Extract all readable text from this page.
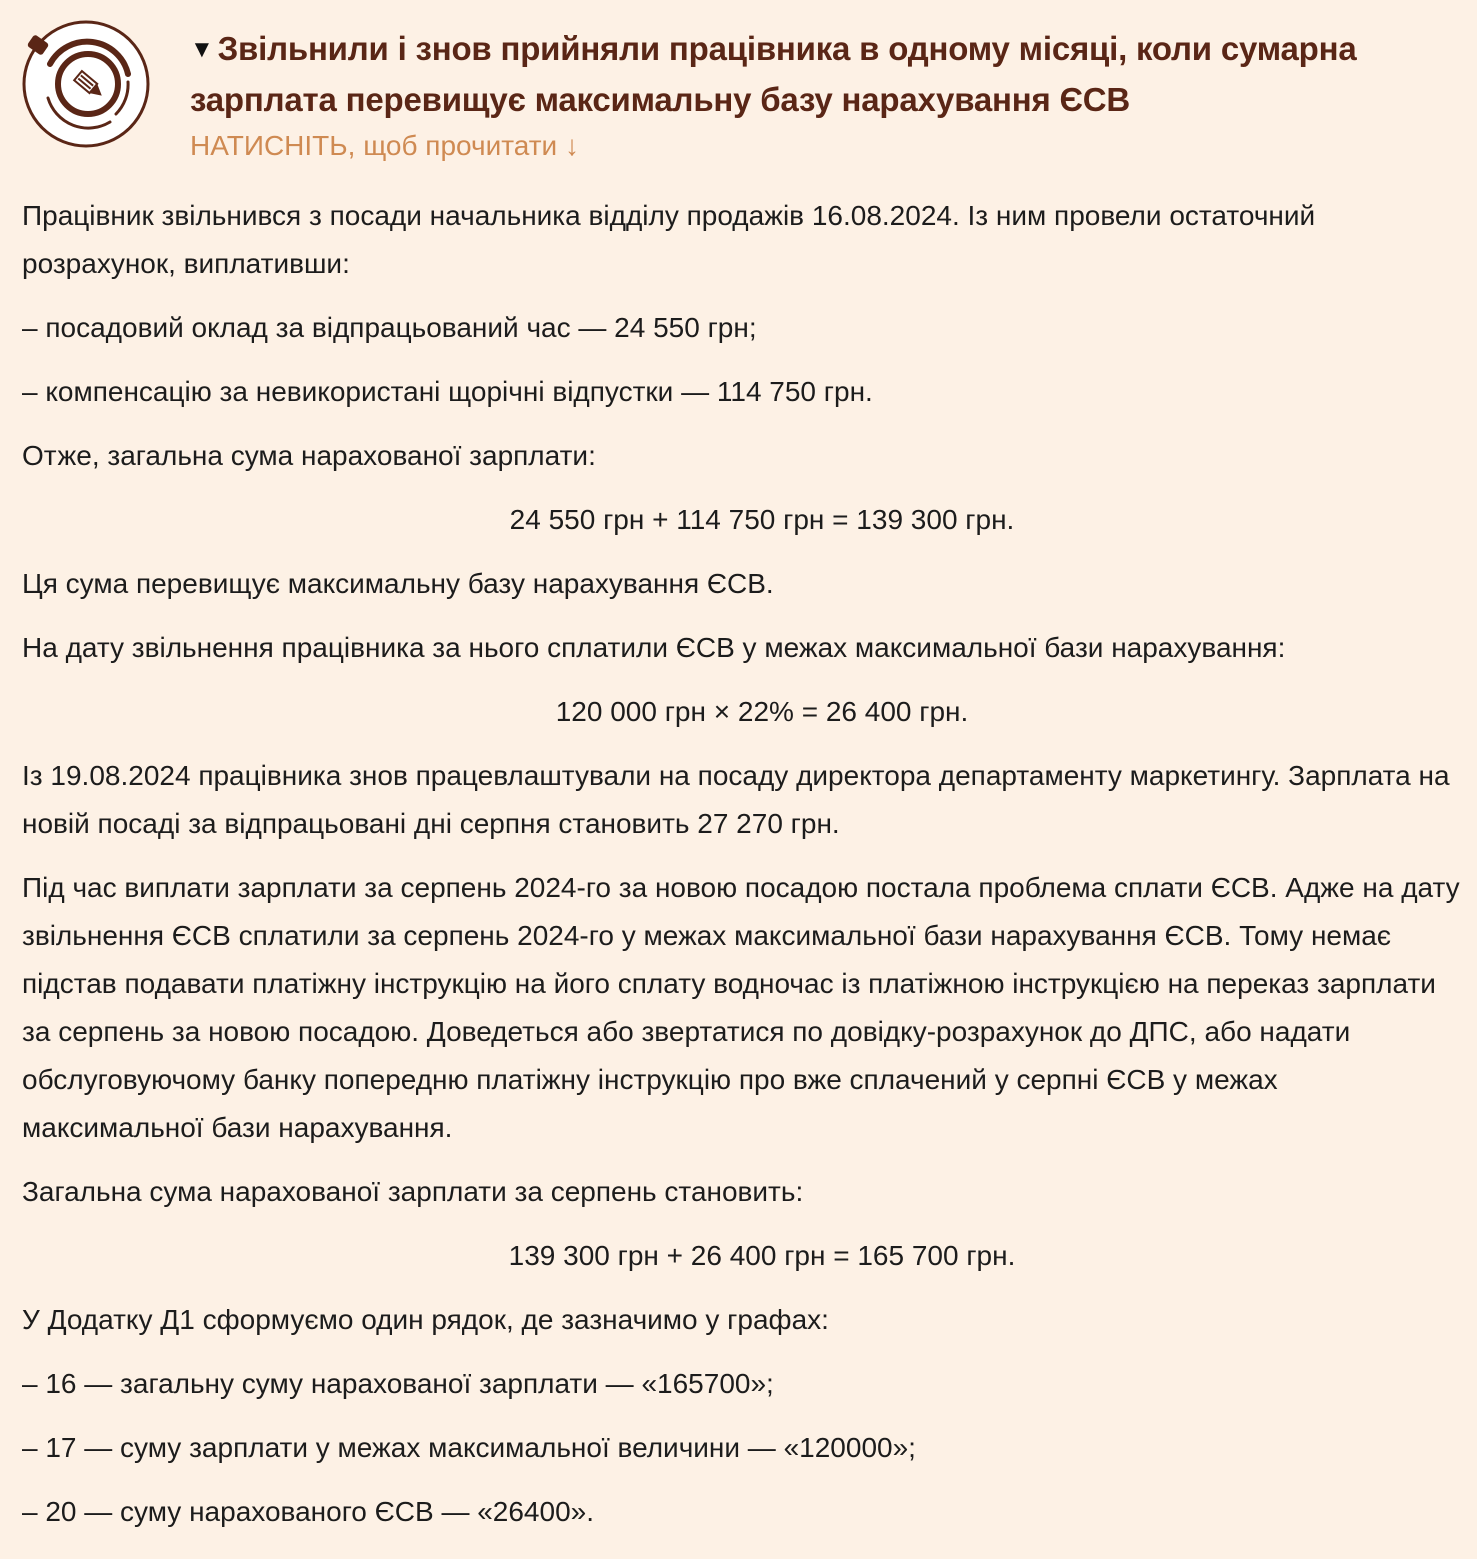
▼ Звільнили і знов прийняли працівника в одному місяці, коли сумарна зарплата перевищує максимальну базу нарахування ЄСВ
НАТИСНІТЬ, щоб прочитати ↓

Працівник звільнився з посади начальника відділу продажів 16.08.2024. Із ним провели остаточний розрахунок, виплативши:

– посадовий оклад за відпрацьований час — 24 550 грн;

– компенсацію за невикористані щорічні відпустки — 114 750 грн.

Отже, загальна сума нарахованої зарплати:

24 550 грн + 114 750 грн = 139 300 грн.

Ця сума перевищує максимальну базу нарахування ЄСВ.

На дату звільнення працівника за нього сплатили ЄСВ у межах максимальної бази нарахування:

120 000 грн × 22% = 26 400 грн.

Із 19.08.2024 працівника знов працевлаштували на посаду директора департаменту маркетингу. Зарплата на новій посаді за відпрацьовані дні серпня становить 27 270 грн.

Під час виплати зарплати за серпень 2024-го за новою посадою постала проблема сплати ЄСВ. Адже на дату звільнення ЄСВ сплатили за серпень 2024-го у межах максимальної бази нарахування ЄСВ. Тому немає підстав подавати платіжну інструкцію на його сплату водночас із платіжною інструкцією на переказ зарплати за серпень за новою посадою. Доведеться або звертатися по довідку-розрахунок до ДПС, або надати обслуговуючому банку попередню платіжну інструкцію про вже сплачений у серпні ЄСВ у межах максимальної бази нарахування.

Загальна сума нарахованої зарплати за серпень становить:

139 300 грн + 26 400 грн = 165 700 грн.

У Додатку Д1 сформуємо один рядок, де зазначимо у графах:

– 16 — загальну суму нарахованої зарплати — «165700»;

– 17 — суму зарплати у межах максимальної величини — «120000»;

– 20 — суму нарахованого ЄСВ — «26400».
